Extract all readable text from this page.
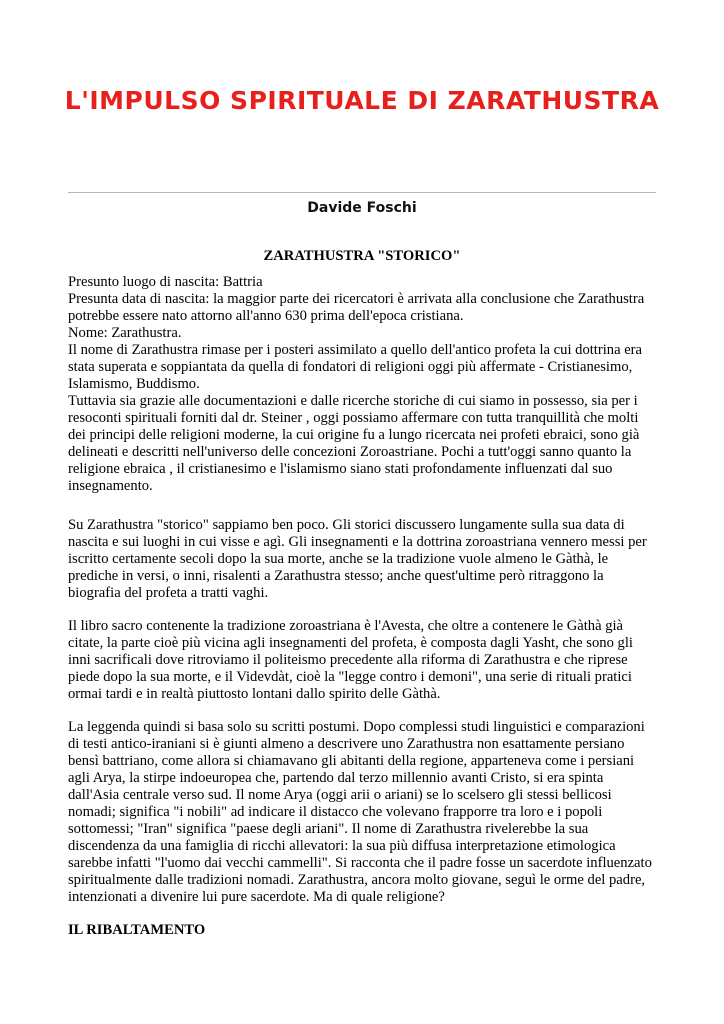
L'IMPULSO SPIRITUALE DI ZARATHUSTRA
Davide Foschi
ZARATHUSTRA "STORICO"
Presunto luogo di nascita: Battria
Presunta data di nascita: la maggior parte dei ricercatori è arrivata alla conclusione che Zarathustra
potrebbe essere nato attorno all'anno 630 prima dell'epoca cristiana.
Nome: Zarathustra.
Il nome di Zarathustra rimase per i posteri assimilato a quello dell'antico profeta la cui dottrina era
stata superata e soppiantata da quella di fondatori di religioni oggi più affermate - Cristianesimo,
Islamismo, Buddismo.
Tuttavia sia grazie alle documentazioni e dalle ricerche storiche di cui siamo in possesso, sia per i
resoconti spirituali forniti dal dr. Steiner , oggi possiamo affermare con tutta tranquillità che molti
dei principi delle religioni moderne, la cui origine fu a lungo ricercata nei profeti ebraici, sono già
delineati e descritti nell'universo delle concezioni Zoroastriane. Pochi a tutt'oggi sanno quanto la
religione ebraica , il cristianesimo e l'islamismo siano stati profondamente influenzati dal suo
insegnamento.
Su Zarathustra "storico" sappiamo ben poco. Gli storici discussero lungamente sulla sua data di
nascita e sui luoghi in cui visse e agì. Gli insegnamenti e la dottrina zoroastriana vennero messi per
iscritto certamente secoli dopo la sua morte, anche se la tradizione vuole almeno le Gàthà, le
prediche in versi, o inni, risalenti a Zarathustra stesso; anche quest'ultime però ritraggono la
biografia del profeta a tratti vaghi.
Il libro sacro contenente la tradizione zoroastriana è l'Avesta, che oltre a contenere le Gàthà già
citate, la parte cioè più vicina agli insegnamenti del profeta, è composta dagli Yasht, che sono gli
inni sacrificali dove ritroviamo il politeismo precedente alla riforma di Zarathustra e che riprese
piede dopo la sua morte, e il Videvdàt, cioè la "legge contro i demoni", una serie di rituali pratici
ormai tardi e in realtà piuttosto lontani dallo spirito delle Gàthà.
La leggenda quindi si basa solo su scritti postumi. Dopo complessi studi linguistici e comparazioni
di testi antico-iraniani si è giunti almeno a descrivere uno Zarathustra non esattamente persiano
bensì battriano, come allora si chiamavano gli abitanti della regione, apparteneva come i persiani
agli Arya, la stirpe indoeuropea che, partendo dal terzo millennio avanti Cristo, si era spinta
dall'Asia centrale verso sud. Il nome Arya (oggi arii o ariani) se lo scelsero gli stessi bellicosi
nomadi; significa "i nobili" ad indicare il distacco che volevano frapporre tra loro e i popoli
sottomessi; "Iran" significa "paese degli ariani". Il nome di Zarathustra rivelerebbe la sua
discendenza da una famiglia di ricchi allevatori: la sua più diffusa interpretazione etimologica
sarebbe infatti "l'uomo dai vecchi cammelli". Si racconta che il padre fosse un sacerdote influenzato
spiritualmente dalle tradizioni nomadi. Zarathustra, ancora molto giovane, seguì le orme del padre,
intenzionati a divenire lui pure sacerdote. Ma di quale religione?
IL RIBALTAMENTO
